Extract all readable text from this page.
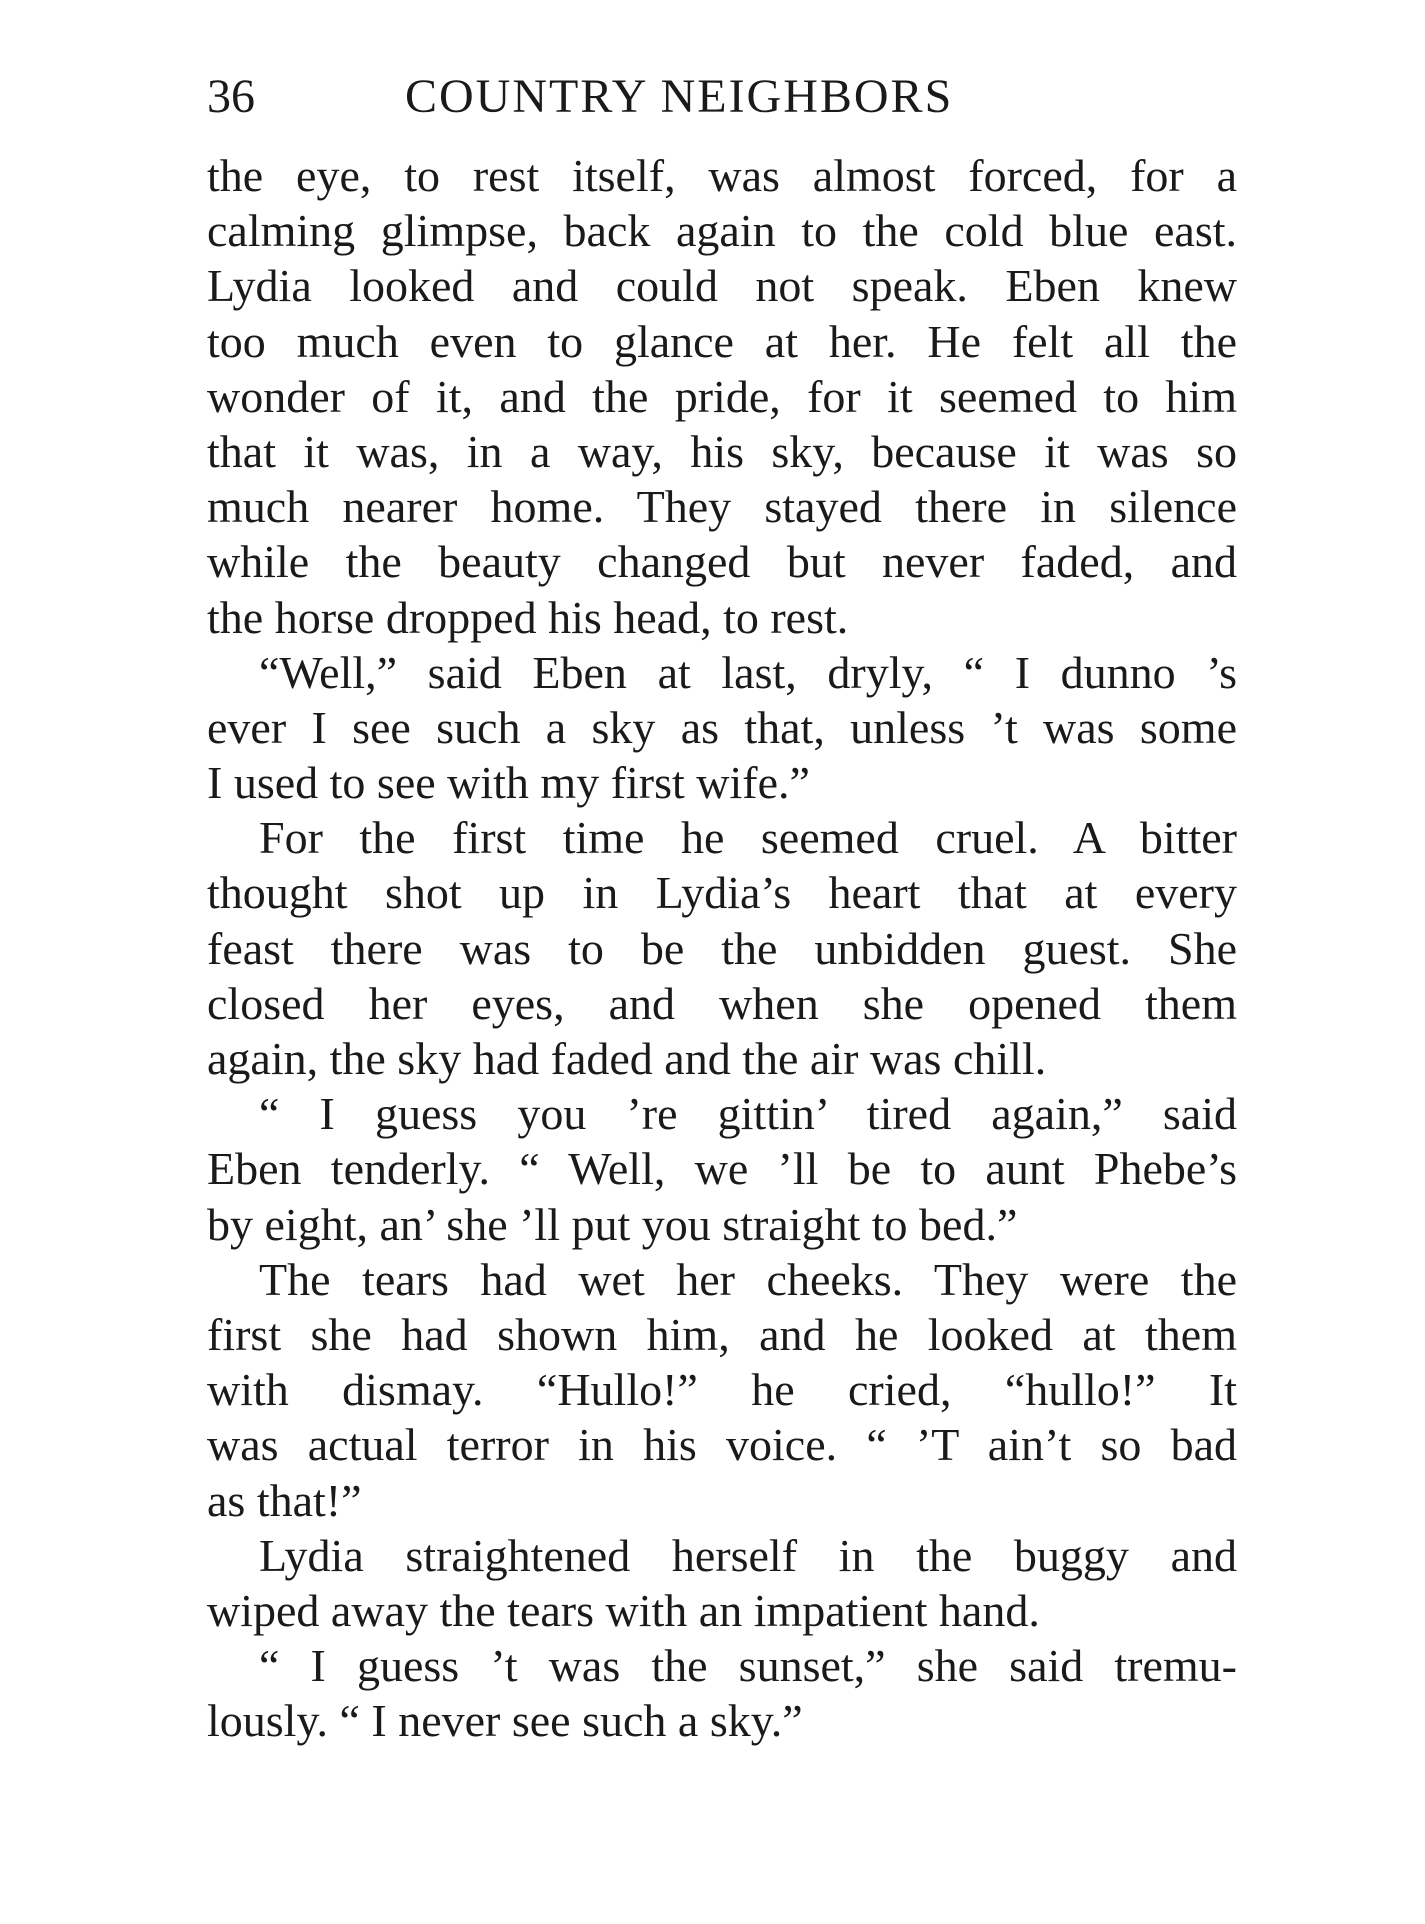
36	COUNTRY NEIGHBORS
the eye, to rest itself, was almost forced, for a
calming glimpse, back again to the cold blue east.
Lydia looked and could not speak. Eben knew
too much even to glance at her. He felt all the
wonder of it, and the pride, for it seemed to him
that it was, in a way, his sky, because it was so
much nearer home. They stayed there in silence
while the beauty changed but never faded, and
the horse dropped his head, to rest.
“Well,” said Eben at last, dryly, “ I dunno ’s
ever I see such a sky as that, unless ’t was some
I used to see with my first wife.”
For the first time he seemed cruel. A bitter
thought shot up in Lydia’s heart that at every
feast there was to be the unbidden guest. She
closed her eyes, and when she opened them
again, the sky had faded and the air was chill.
“ I guess you ’re gittin’ tired again,” said
Eben tenderly. “ Well, we ’ll be to aunt Phebe’s
by eight, an’ she ’ll put you straight to bed.”
The tears had wet her cheeks. They were the
first she had shown him, and he looked at them
with dismay. “Hullo!” he cried, “hullo!” It
was actual terror in his voice. “ ’T ain’t so bad
as that!”
Lydia straightened herself in the buggy and
wiped away the tears with an impatient hand.
“ I guess ’t was the sunset,” she said tremu-
lously. “ I never see such a sky.”
